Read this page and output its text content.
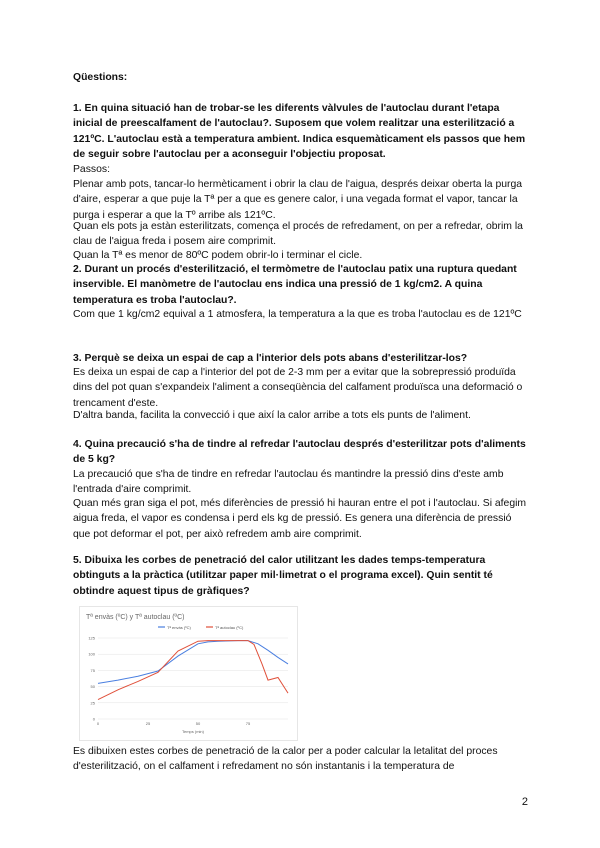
Qüestions:

1. En quina situació han de trobar-se les diferents vàlvules de l'autoclau durant l'etapa inicial de preescalfament de l'autoclau?. Suposem que volem realitzar una esterilització a 121ºC. L'autoclau està a temperatura ambient. Indica esquemàticament els passos que hem de seguir sobre l'autoclau per a aconseguir l'objectiu proposat.

Passos:

Plenar amb pots, tancar-lo hermèticament i obrir la clau de l'aigua, després deixar oberta la purga d'aire, esperar a que puje la Tª per a que es genere calor, i una vegada format el vapor, tancar la purga i esperar a que la Tº arribe als 121ºC.

Quan els pots ja estàn esterilitzats, comença el procés de refredament, on per a refredar, obrim la clau de l'aigua freda i posem aire comprimit.

Quan la Tª es menor de 80ºC podem obrir-lo i terminar el cicle.

2. Durant un procés d'esterilització, el termòmetre de l'autoclau patix una ruptura quedant inservible. El manòmetre de l'autoclau ens indica una pressió de 1 kg/cm2. A quina temperatura es troba l'autoclau?.

Com que 1 kg/cm2 equival a 1 atmosfera, la temperatura a la que es troba l'autoclau es de 121ºC

3. Perquè se deixa un espai de cap a l'interior dels pots abans d'esterilitzar-los?

Es deixa un espai de cap a l'interior del pot de 2-3 mm per a evitar que la sobrepressió produïda dins del pot quan s'expandeix l'aliment a conseqüència del calfament produïsca una deformació o trencament d'este.

D'altra banda, facilita la convecció i que així la calor arribe a tots els punts de l'aliment.

4. Quina precaució s'ha de tindre al refredar l'autoclau després d'esterilitzar pots d'aliments de 5 kg?

La precaució que s'ha de tindre en refredar l'autoclau és mantindre la pressió dins d'este amb l'entrada d'aire comprimit.

Quan més gran siga el pot, més diferències de pressió hi hauran entre el pot i l'autoclau. Si afegim aigua freda, el vapor es condensa i perd els kg de pressió. Es genera una diferència de pressió que pot deformar el pot, per això refredem amb aire comprimit.

5. Dibuixa les corbes de penetració del calor utilitzant les dades temps-temperatura obtinguts a la pràctica (utilitzar paper mil·limetrat o el programa excel). Quin sentit té obtindre aquest tipus de gràfiques?

Tª envàs (ºC) y Tª autoclau (ºC)
Tª envàs (ºC)	Tª autoclau (ºC)
0
25
50
75
100
125
0	25	50	75
Temps (min)

Es dibuixen estes corbes de penetració de la calor per a poder calcular la letalitat del proces d'esterilització, on el calfament i refredament no són instantanis i la temperatura de

2
